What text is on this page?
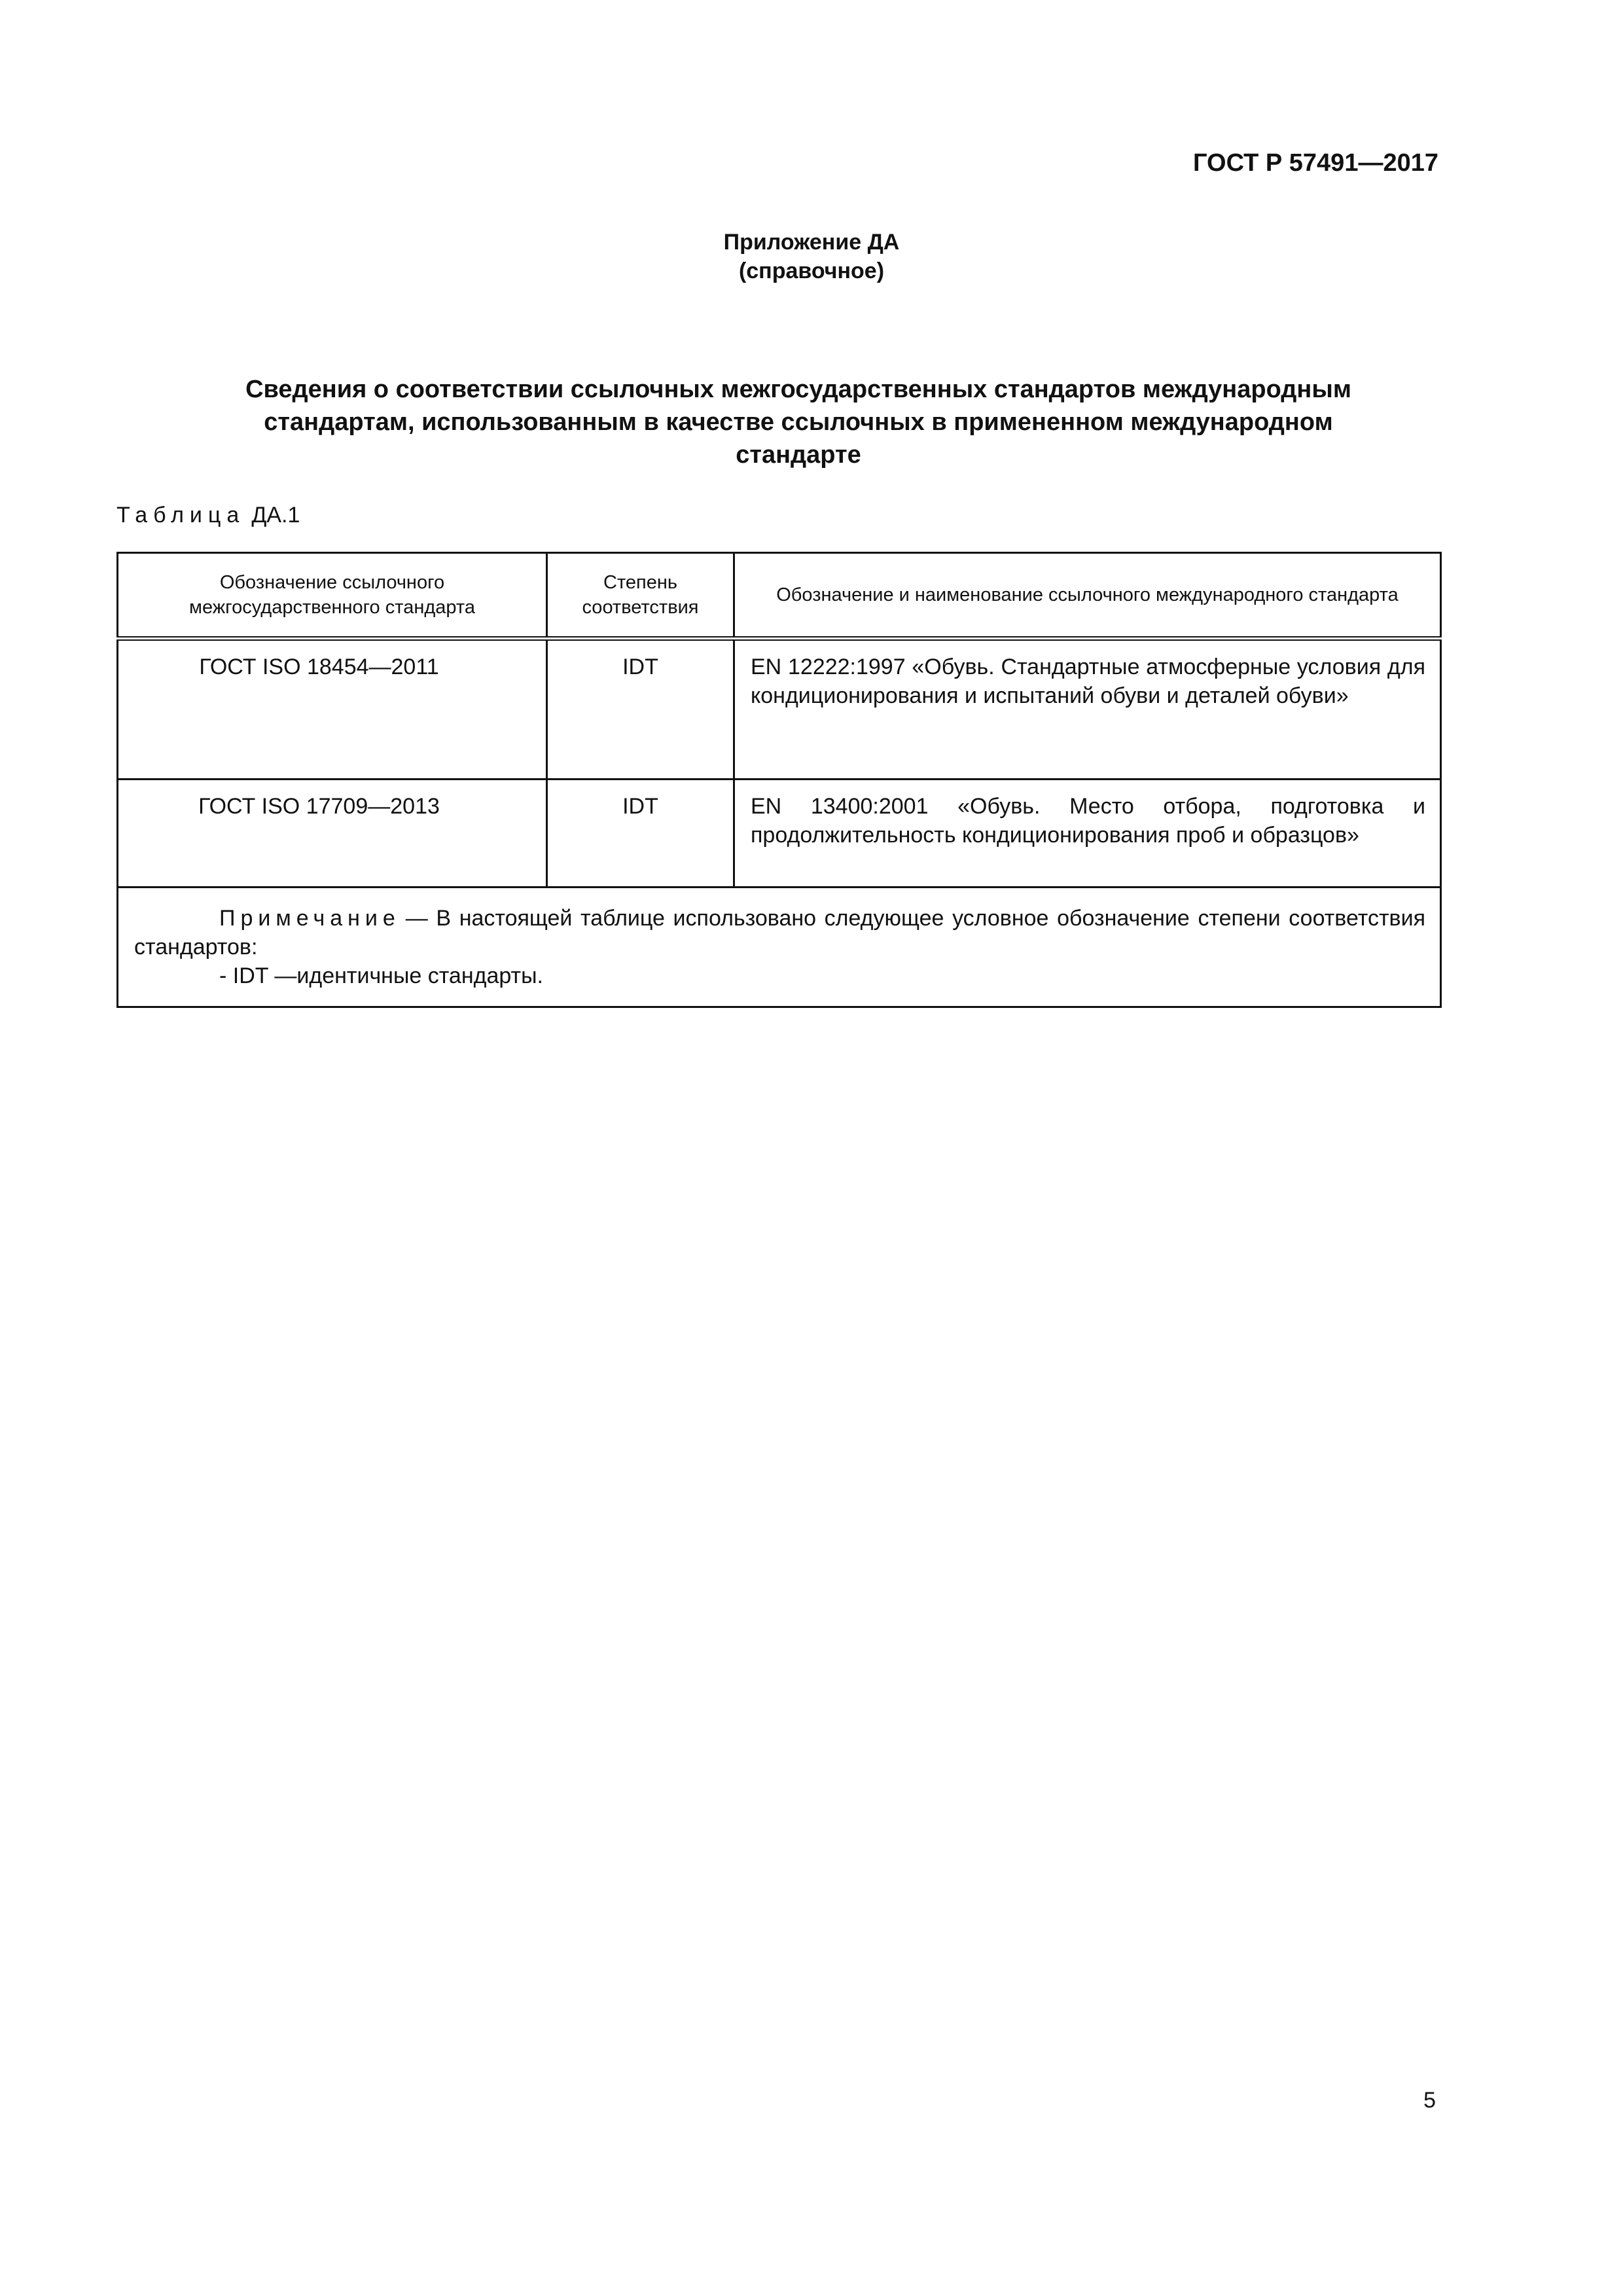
ГОСТ Р 57491—2017
Приложение ДА
(справочное)
Сведения о соответствии ссылочных межгосударственных стандартов международным
стандартам, использованным в качестве ссылочных в примененном международном
стандарте
Таблица ДА.1
Обозначение ссылочного межгосударственного стандарта	Степень соответствия	Обозначение и наименование ссылочного международного стандарта
ГОСТ ISO 18454—2011	IDT	EN 12222:1997 «Обувь. Стандартные атмосферные условия для кондиционирования и испытаний обуви и деталей обуви»
ГОСТ ISO 17709—2013	IDT	EN 13400:2001 «Обувь. Место отбора, подготовка и продолжительность кондиционирования проб и образцов»

Примечание — В настоящей таблице использовано следующее условное обозначение степени соответствия стандартов:
- IDT —идентичные стандарты.		
5
